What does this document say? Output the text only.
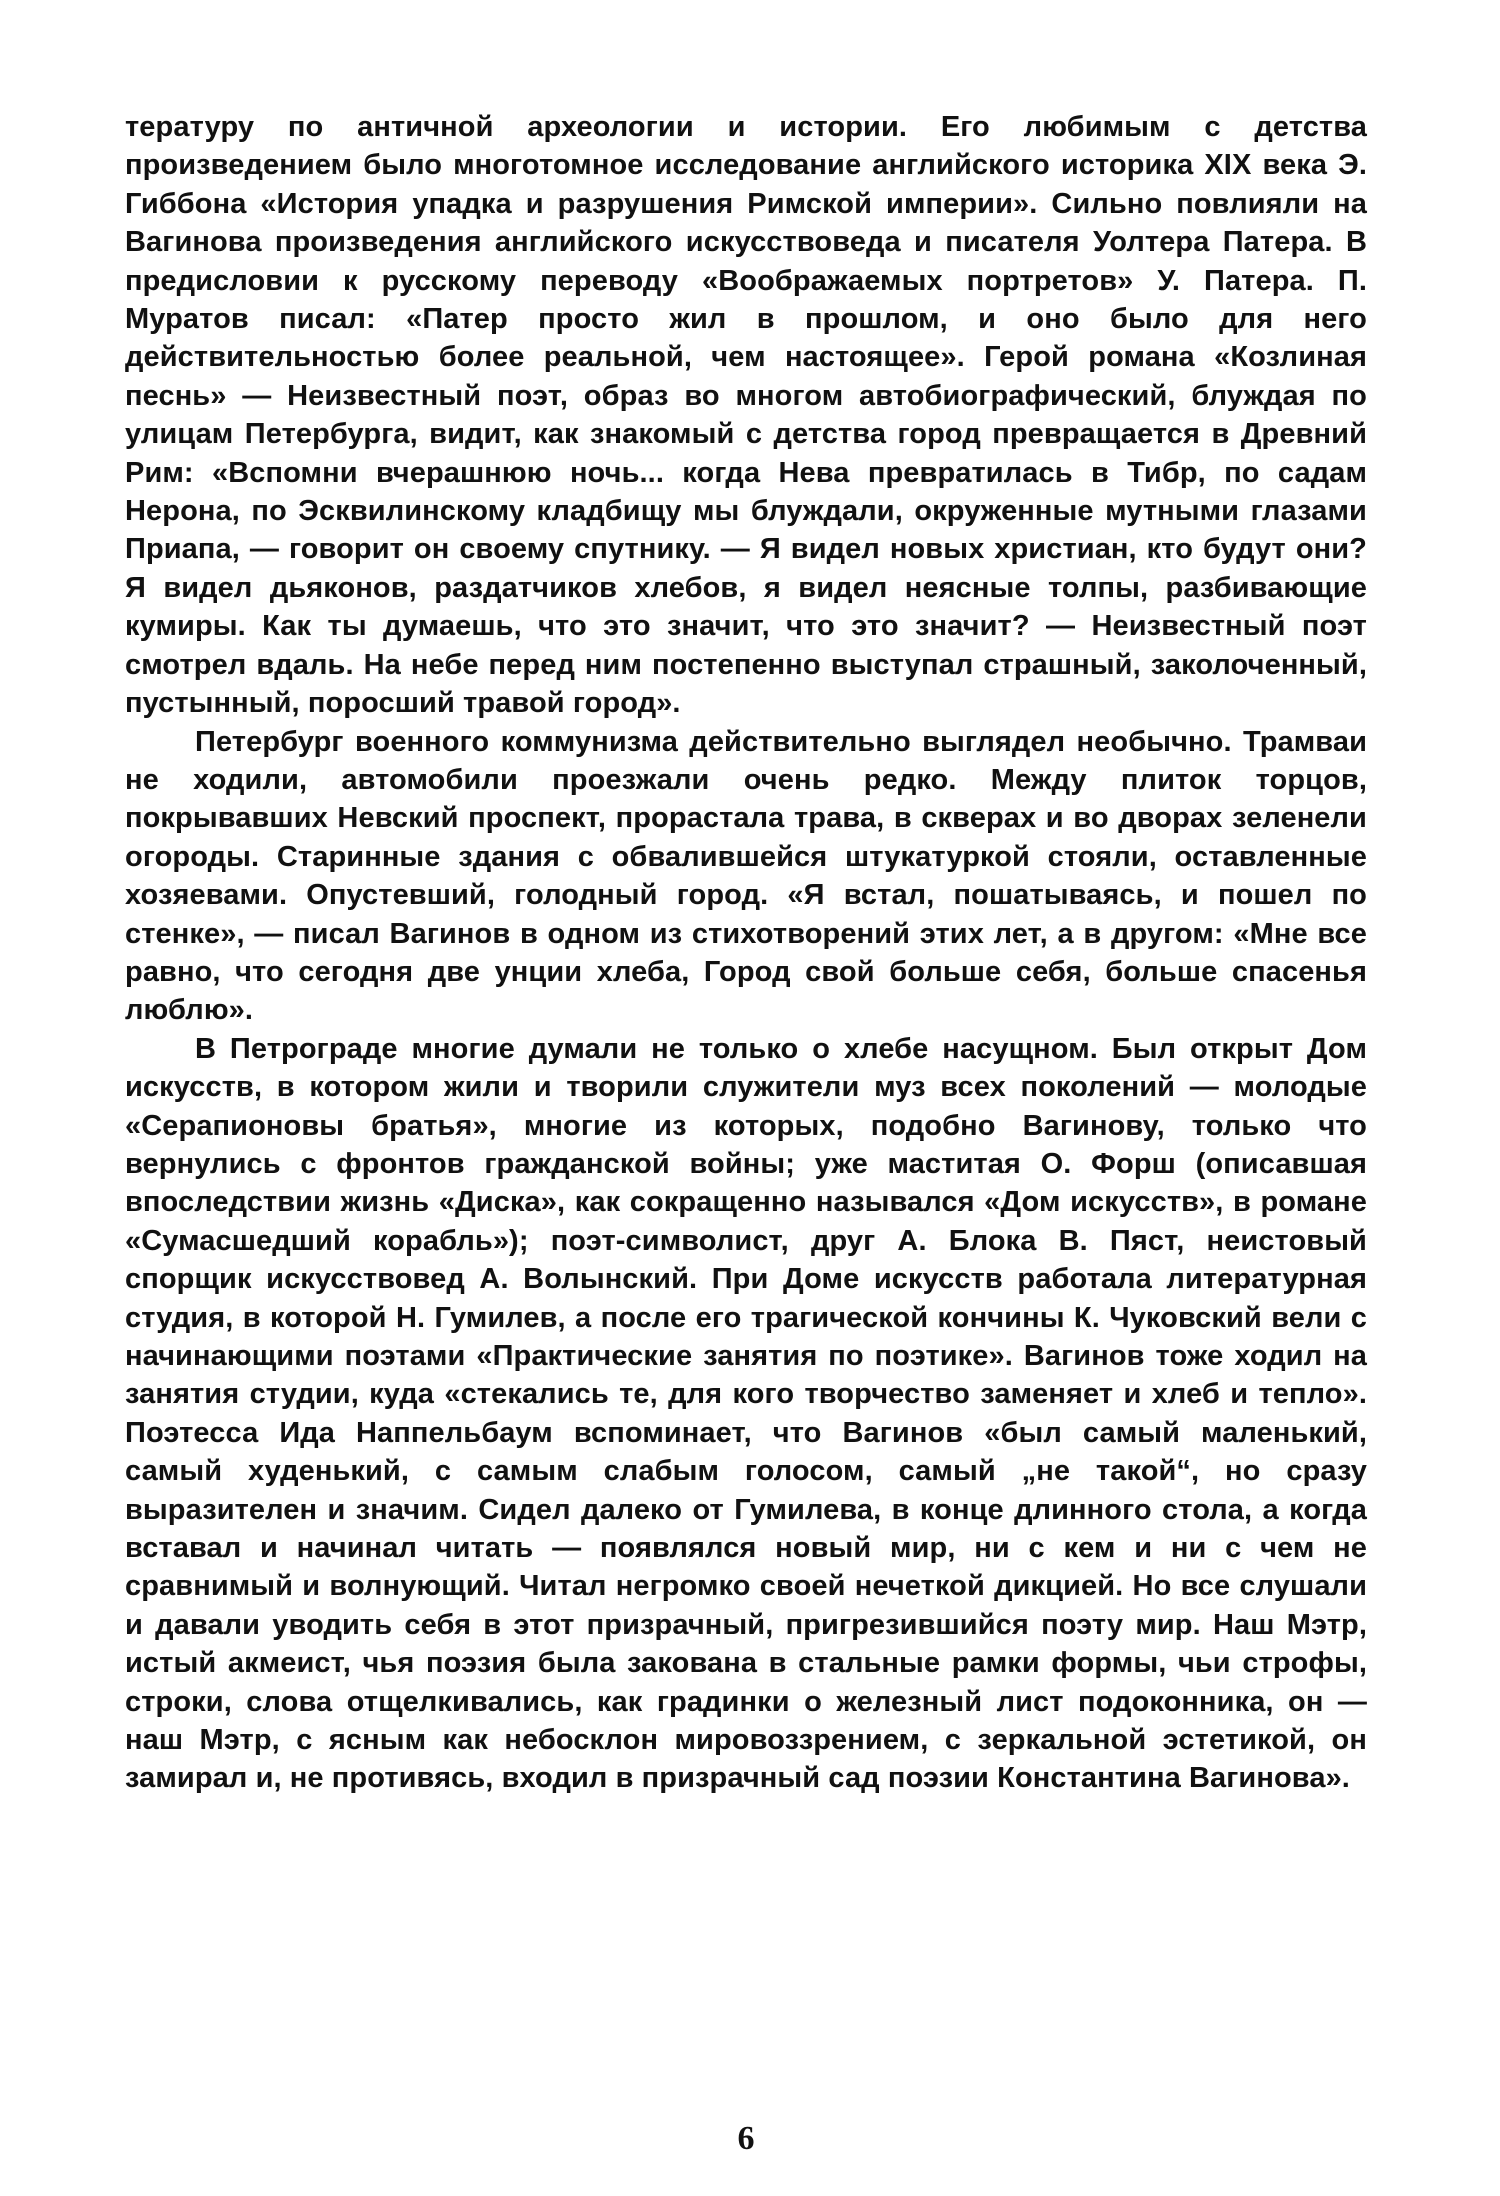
тературу по античной археологии и истории. Его любимым с детства произведением было многотомное исследование английского историка XIX века Э. Гиббона «История упадка и разрушения Римской империи». Сильно повлияли на Вагинова произведения английского искусствоведа и писателя Уолтера Патера. В предисловии к русскому переводу «Воображаемых портретов» У. Патера. П. Муратов писал: «Патер просто жил в прошлом, и оно было для него действительностью более реальной, чем настоящее». Герой романа «Козлиная песнь» — Неизвестный поэт, образ во многом автобиографический, блуждая по улицам Петербурга, видит, как знакомый с детства город превращается в Древний Рим: «Вспомни вчерашнюю ночь... когда Нева превратилась в Тибр, по садам Нерона, по Эсквилинскому кладбищу мы блуждали, окруженные мутными глазами Приапа, — говорит он своему спутнику. — Я видел новых христиан, кто будут они? Я видел дьяконов, раздатчиков хлебов, я видел неясные толпы, разбивающие кумиры. Как ты думаешь, что это значит, что это значит? — Неизвестный поэт смотрел вдаль. На небе перед ним постепенно выступал страшный, заколоченный, пустынный, поросший травой город».

Петербург военного коммунизма действительно выглядел необычно. Трамваи не ходили, автомобили проезжали очень редко. Между плиток торцов, покрывавших Невский проспект, прорастала трава, в скверах и во дворах зеленели огороды. Старинные здания с обвалившейся штукатуркой стояли, оставленные хозяевами. Опустевший, голодный город. «Я встал, пошатываясь, и пошел по стенке», — писал Вагинов в одном из стихотворений этих лет, а в другом: «Мне все равно, что сегодня две унции хлеба, Город свой больше себя, больше спасенья люблю».

В Петрограде многие думали не только о хлебе насущном. Был открыт Дом искусств, в котором жили и творили служители муз всех поколений — молодые «Серапионовы братья», многие из которых, подобно Вагинову, только что вернулись с фронтов гражданской войны; уже маститая О. Форш (описавшая впоследствии жизнь «Диска», как сокращенно назывался «Дом искусств», в романе «Сумасшедший корабль»); поэт-символист, друг А. Блока В. Пяст, неистовый спорщик искусствовед А. Волынский. При Доме искусств работала литературная студия, в которой Н. Гумилев, а после его трагической кончины К. Чуковский вели с начинающими поэтами «Практические занятия по поэтике». Вагинов тоже ходил на занятия студии, куда «стекались те, для кого творчество заменяет и хлеб и тепло». Поэтесса Ида Наппельбаум вспоминает, что Вагинов «был самый маленький, самый худенький, с самым слабым голосом, самый „не такой“, но сразу выразителен и значим. Сидел далеко от Гумилева, в конце длинного стола, а когда вставал и начинал читать — появлялся новый мир, ни с кем и ни с чем не сравнимый и волнующий. Читал негромко своей нечеткой дикцией. Но все слушали и давали уводить себя в этот призрачный, пригрезившийся поэту мир. Наш Мэтр, истый акмеист, чья поэзия была закована в стальные рамки формы, чьи строфы, строки, слова отщелкивались, как градинки о железный лист подоконника, он — наш Мэтр, с ясным как небосклон мировоззрением, с зеркальной эстетикой, он замирал и, не противясь, входил в призрачный сад поэзии Константина Вагинова».

6
